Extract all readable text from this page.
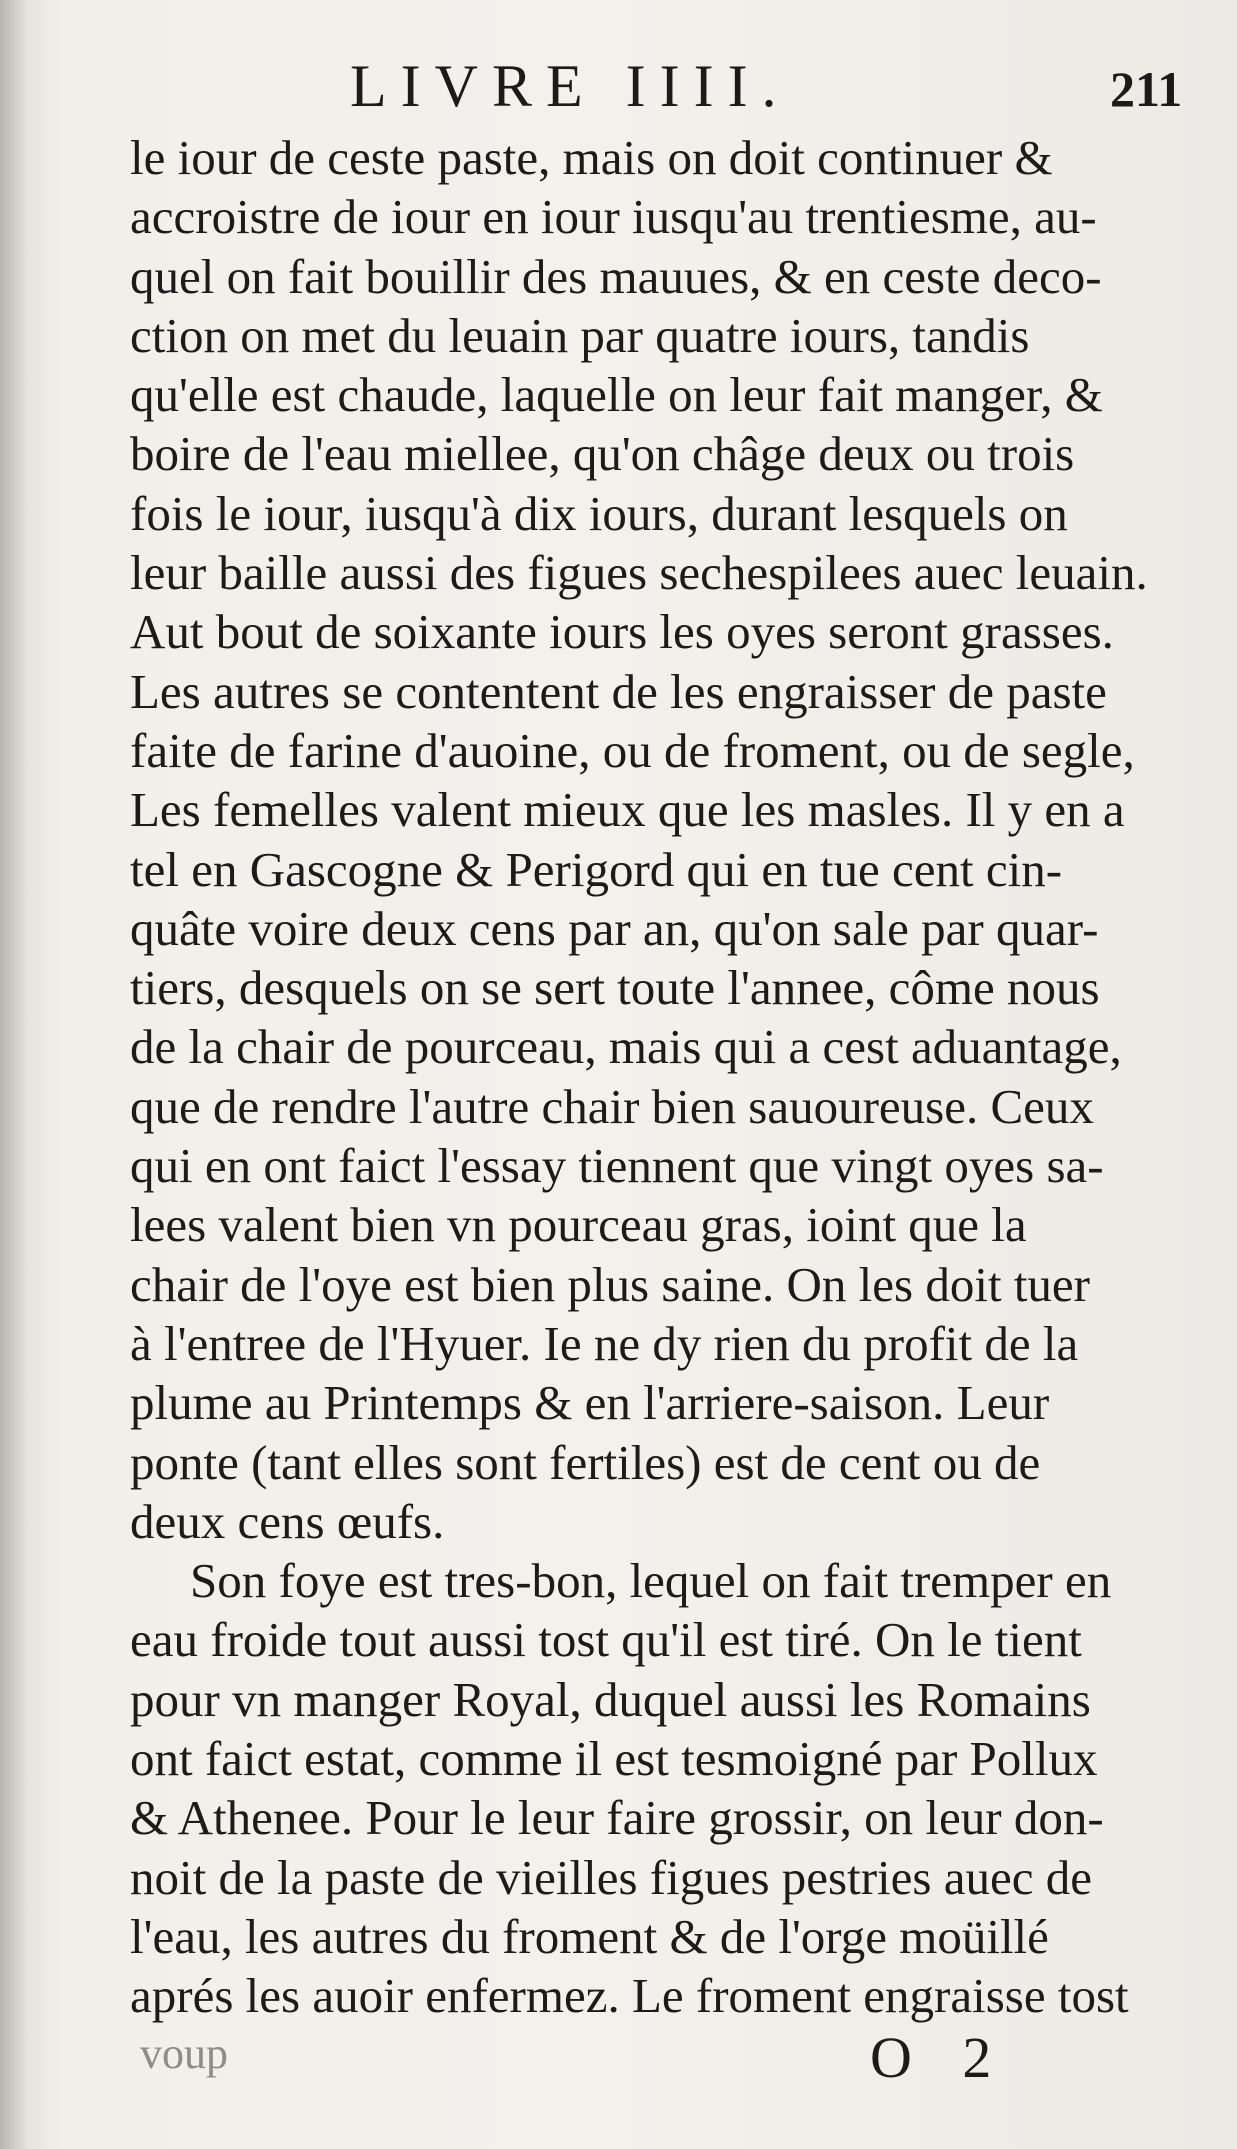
LIVRE IIII.	211
le iour de ceste paste, mais on doit continuer &
accroistre de iour en iour iusqu'au trentiesme, au-
quel on fait bouillir des mauues, & en ceste deco-
ction on met du leuain par quatre iours, tandis
qu'elle est chaude, laquelle on leur fait manger, &
boire de l'eau miellee, qu'on châge deux ou trois
fois le iour, iusqu'à dix iours, durant lesquels on
leur baille aussi des figues sechespilees auec leuain.
Aut bout de soixante iours les oyes seront grasses.
Les autres se contentent de les engraisser de paste
faite de farine d'auoine, ou de froment, ou de segle,
Les femelles valent mieux que les masles. Il y en a
tel en Gascogne & Perigord qui en tue cent cin-
quâte voire deux cens par an, qu'on sale par quar-
tiers, desquels on se sert toute l'annee, côme nous
de la chair de pourceau, mais qui a cest aduantage,
que de rendre l'autre chair bien sauoureuse. Ceux
qui en ont faict l'essay tiennent que vingt oyes sa-
lees valent bien vn pourceau gras, ioint que la
chair de l'oye est bien plus saine. On les doit tuer
à l'entree de l'Hyuer. Ie ne dy rien du profit de la
plume au Printemps & en l'arriere-saison. Leur
ponte (tant elles sont fertiles) est de cent ou de
deux cens œufs.
Son foye est tres-bon, lequel on fait tremper en
eau froide tout aussi tost qu'il est tiré. On le tient
pour vn manger Royal, duquel aussi les Romains
ont faict estat, comme il est tesmoigné par Pollux
& Athenee. Pour le leur faire grossir, on leur don-
noit de la paste de vieilles figues pestries auec de
l'eau, les autres du froment & de l'orge moüillé
aprés les auoir enfermez. Le froment engraisse tost
voup	O 2
